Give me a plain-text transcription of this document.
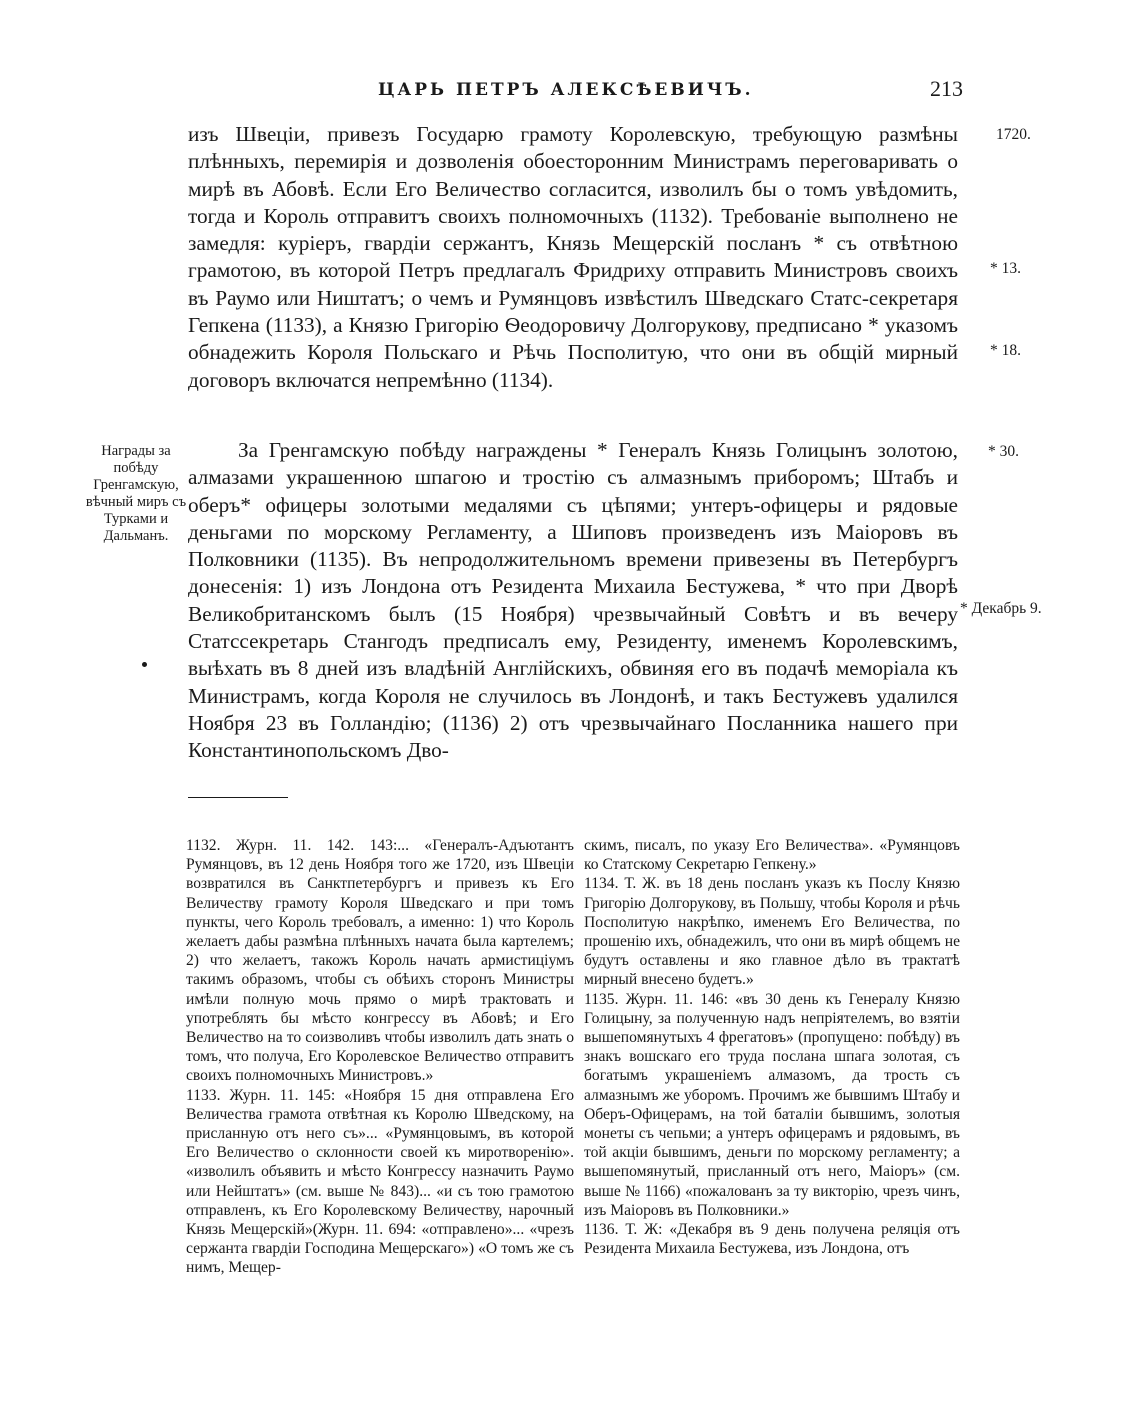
ЦАРЬ ПЕТРЪ АЛЕКСѢЕВИЧЪ.	213
1720.
* 13.
* 18.
* 30.
* Декабрь 9.
Награды за побѣду Гренгамскую, вѣчный миръ съ Турками и Дальманъ.
изъ Швеціи, привезъ Государю грамоту Королевскую, требующую размѣны плѣнныхъ, перемирія и дозволенія обоесторонним Министрамъ переговаривать о мирѣ въ Абовѣ. Если Его Величество согласится, изволилъ бы о томъ увѣдомить, тогда и Король отправитъ своихъ полномочныхъ (1132). Требованіе выполнено не замедля: курiеръ, гвардіи сержантъ, Князь Мещерскій посланъ * съ отвѣтною грамотою, въ которой Петръ предлагалъ Фридриху отправить Министровъ своихъ въ Раумо или Ништатъ; о чемъ и Румянцовъ извѣстилъ Шведскаго Статс-секретаря Гепкена (1133), а Князю Григорію Ѳеодоровичу Долгорукову, предписано * указомъ обнадежить Короля Польскаго и Рѣчь Посполитую, что они въ общій мирный договоръ включатся непремѣнно (1134).
За Гренгамскую побѣду награждены * Генералъ Князь Голицынъ золотою, алмазами украшенною шпагою и тростію съ алмазнымъ приборомъ; Штабъ и оберъ* офицеры золотыми медалями съ цѣпями; унтеръ-офицеры и рядовые деньгами по морскому Регламенту, а Шиповъ произведенъ изъ Маіоровъ въ Полковники (1135). Въ непродолжительномъ времени привезены въ Петербургъ донесенія: 1) изъ Лондона отъ Резидента Михаила Бестужева, * что при Дворѣ Великобританскомъ былъ (15 Ноября) чрезвычайный Совѣтъ и въ вечеру Статссекретарь Стангодъ предписалъ ему, Резиденту, именемъ Королевскимъ, выѣхать въ 8 дней изъ владѣній Англійскихъ, обвиняя его въ подачѣ меморіала къ Министрамъ, когда Короля не случилось въ Лондонѣ, и такъ Бестужевъ удалился Ноября 23 въ Голландію; (1136) 2) отъ чрезвычайнаго Посланника нашего при Константинопольскомъ Дво-

1132. Журн. 11. 142. 143:... «Генералъ-Адъютантъ Румянцовъ, въ 12 день Ноября того же 1720, изъ Швеціи возвратился въ Санктпетербургъ и привезъ къ Его Величеству грамоту Короля Шведскаго и при томъ пункты, чего Король требовалъ, а именно: 1) что Король желаетъ дабы размѣна плѣнныхъ начата была картелемъ; 2) что желаетъ, такожъ Король начать армистиціумъ такимъ образомъ, чтобы съ обѣихъ сторонъ Министры имѣли полную мочь прямо о мирѣ трактовать и употреблять бы мѣсто конгрессу въ Абовѣ; и Его Величество на то соизволивъ чтобы изволилъ дать знать о томъ, что получа, Его Королевское Величество отправитъ своихъ полномочныхъ Министровъ.»

1133. Журн. 11. 145: «Ноября 15 дня отправлена Его Величества грамота отвѣтная къ Королю Шведскому, на присланную отъ него съ»... «Румянцовымъ, въ которой Его Величество о склонности своей къ миротворенію». «изволилъ объявить и мѣсто Конгрессу назначить Раумо или Нейштатъ» (см. выше № 843)... «и съ тою грамотою отправленъ, къ Его Королевскому Величеству, нарочный Князь Мещерскій»(Журн. 11. 694: «отправлено»... «чрезъ сержанта гвардіи Господина Мещерскаго») «О томъ же съ нимъ, Мещер-

скимъ, писалъ, по указу Его Величества». «Румянцовъ ко Статскому Секретарю Гепкену.»

1134. Т. Ж. въ 18 день посланъ указъ къ Послу Князю Григорію Долгорукову, въ Польшу, чтобы Короля и рѣчь Посполитую накрѣпко, именемъ Его Величества, по прошенію ихъ, обнадежилъ, что они въ мирѣ общемъ не будутъ оставлены и яко главное дѣло въ трактатѣ мирный внесено будетъ.»

1135. Журн. 11. 146: «въ 30 день къ Генералу Князю Голицыну, за полученную надъ непріятелемъ, во взятіи вышепомянутыхъ 4 фрегатовъ» (пропущено: побѣду) въ знакъ вошскаго его труда послана шпага золотая, съ богатымъ украшеніемъ алмазомъ, да трость съ алмазнымъ же уборомъ. Прочимъ же бывшимъ Штабу и Оберъ-Офицерамъ, на той баталіи бывшимъ, золотыя монеты съ чепьми; а унтеръ офицерамъ и рядовымъ, въ той акціи бывшимъ, деньги по морскому регламенту; а вышепомянутый, присланный отъ него, Маіоръ» (см. выше № 1166) «пожалованъ за ту викторію, чрезъ чинъ, изъ Маіоровъ въ Полковники.»

1136. Т. Ж: «Декабря въ 9 день получена реляція отъ Резидента Михаила Бестужева, изъ Лондона, отъ
